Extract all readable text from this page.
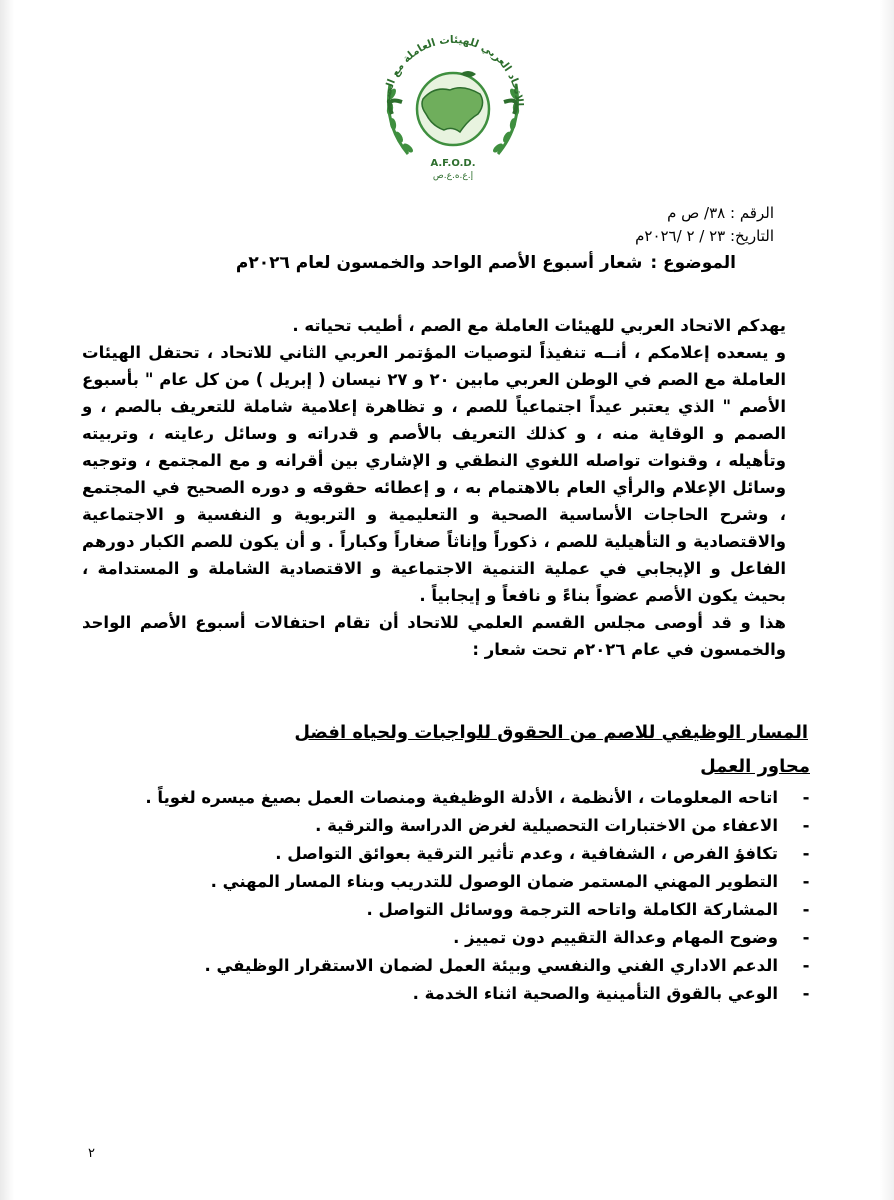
الاتحاد العربي للهيئات العاملة مع الصم
A.F.O.D.
إ.ع.ه.ع.ص
الرقم : ٣٨/ ص م
التاريخ: ٢٣ / ٢ /٢٠٢٦م
الموضوع :شعار أسبوع الأصم الواحد والخمسون لعام ٢٠٢٦م

يهدكم الاتحاد العربي للهيئات العاملة مع الصم ، أطيب تحياته .

و يسعده إعلامكم ، أنــه تنفيذاً لتوصيات المؤتمر العربي الثاني للاتحاد ، تحتفل الهيئات العاملة مع الصم في الوطن العربي مابين ٢٠ و ٢٧ نيسان ( إبريل ) من كل عام " بأسبوع الأصم " الذي يعتبر عيداً اجتماعياً للصم ، و تظاهرة إعلامية شاملة للتعريف بالصم ، و الصمم و الوقاية منه ، و كذلك التعريف بالأصم و قدراته و وسائل رعايته ، وتربيته وتأهيله ، وقنوات تواصله اللغوي النطقي و الإشاري بين أقرانه و مع المجتمع ، وتوجيه وسائل الإعلام والرأي العام بالاهتمام به ، و إعطائه حقوقه و دوره الصحيح في المجتمع ، وشرح الحاجات الأساسية الصحية و التعليمية و التربوية و النفسية و الاجتماعية والاقتصادية و التأهيلية للصم ، ذكوراً وإناثاً صغاراً وكباراً . و أن يكون للصم الكبار دورهم الفاعل و الإيجابي في عملية التنمية الاجتماعية و الاقتصادية الشاملة و المستدامة ، بحيث يكون الأصم عضواً بناءً و نافعاً و إيجابياً .

هذا و قد أوصى مجلس القسم العلمي للاتحاد أن تقام احتفالات أسبوع الأصم الواحد والخمسون في عام ٢٠٢٦م تحت شعار :

المسار الوظيفي للاصم من الحقوق للواجبات ولحياه افضل
محاور العمل
-
اتاحه المعلومات ، الأنظمة ، الأدلة الوظيفية ومنصات العمل بصيغ ميسره لغوياً .
-
الاعفاء من الاختبارات التحصيلية لغرض الدراسة والترقية .
-
تكافؤ الفرص ، الشفافية ، وعدم تأثير الترقية بعوائق التواصل .
-
التطوير المهني المستمر ضمان الوصول للتدريب وبناء المسار المهني .
-
المشاركة الكاملة واتاحه الترجمة ووسائل التواصل .
-
وضوح المهام وعدالة التقييم دون تمييز .
-
الدعم الاداري الفني والنفسي وبيئة العمل لضمان الاستقرار الوظيفي .
-
الوعي بالقوق التأمينية والصحية اثناء الخدمة .
٢
